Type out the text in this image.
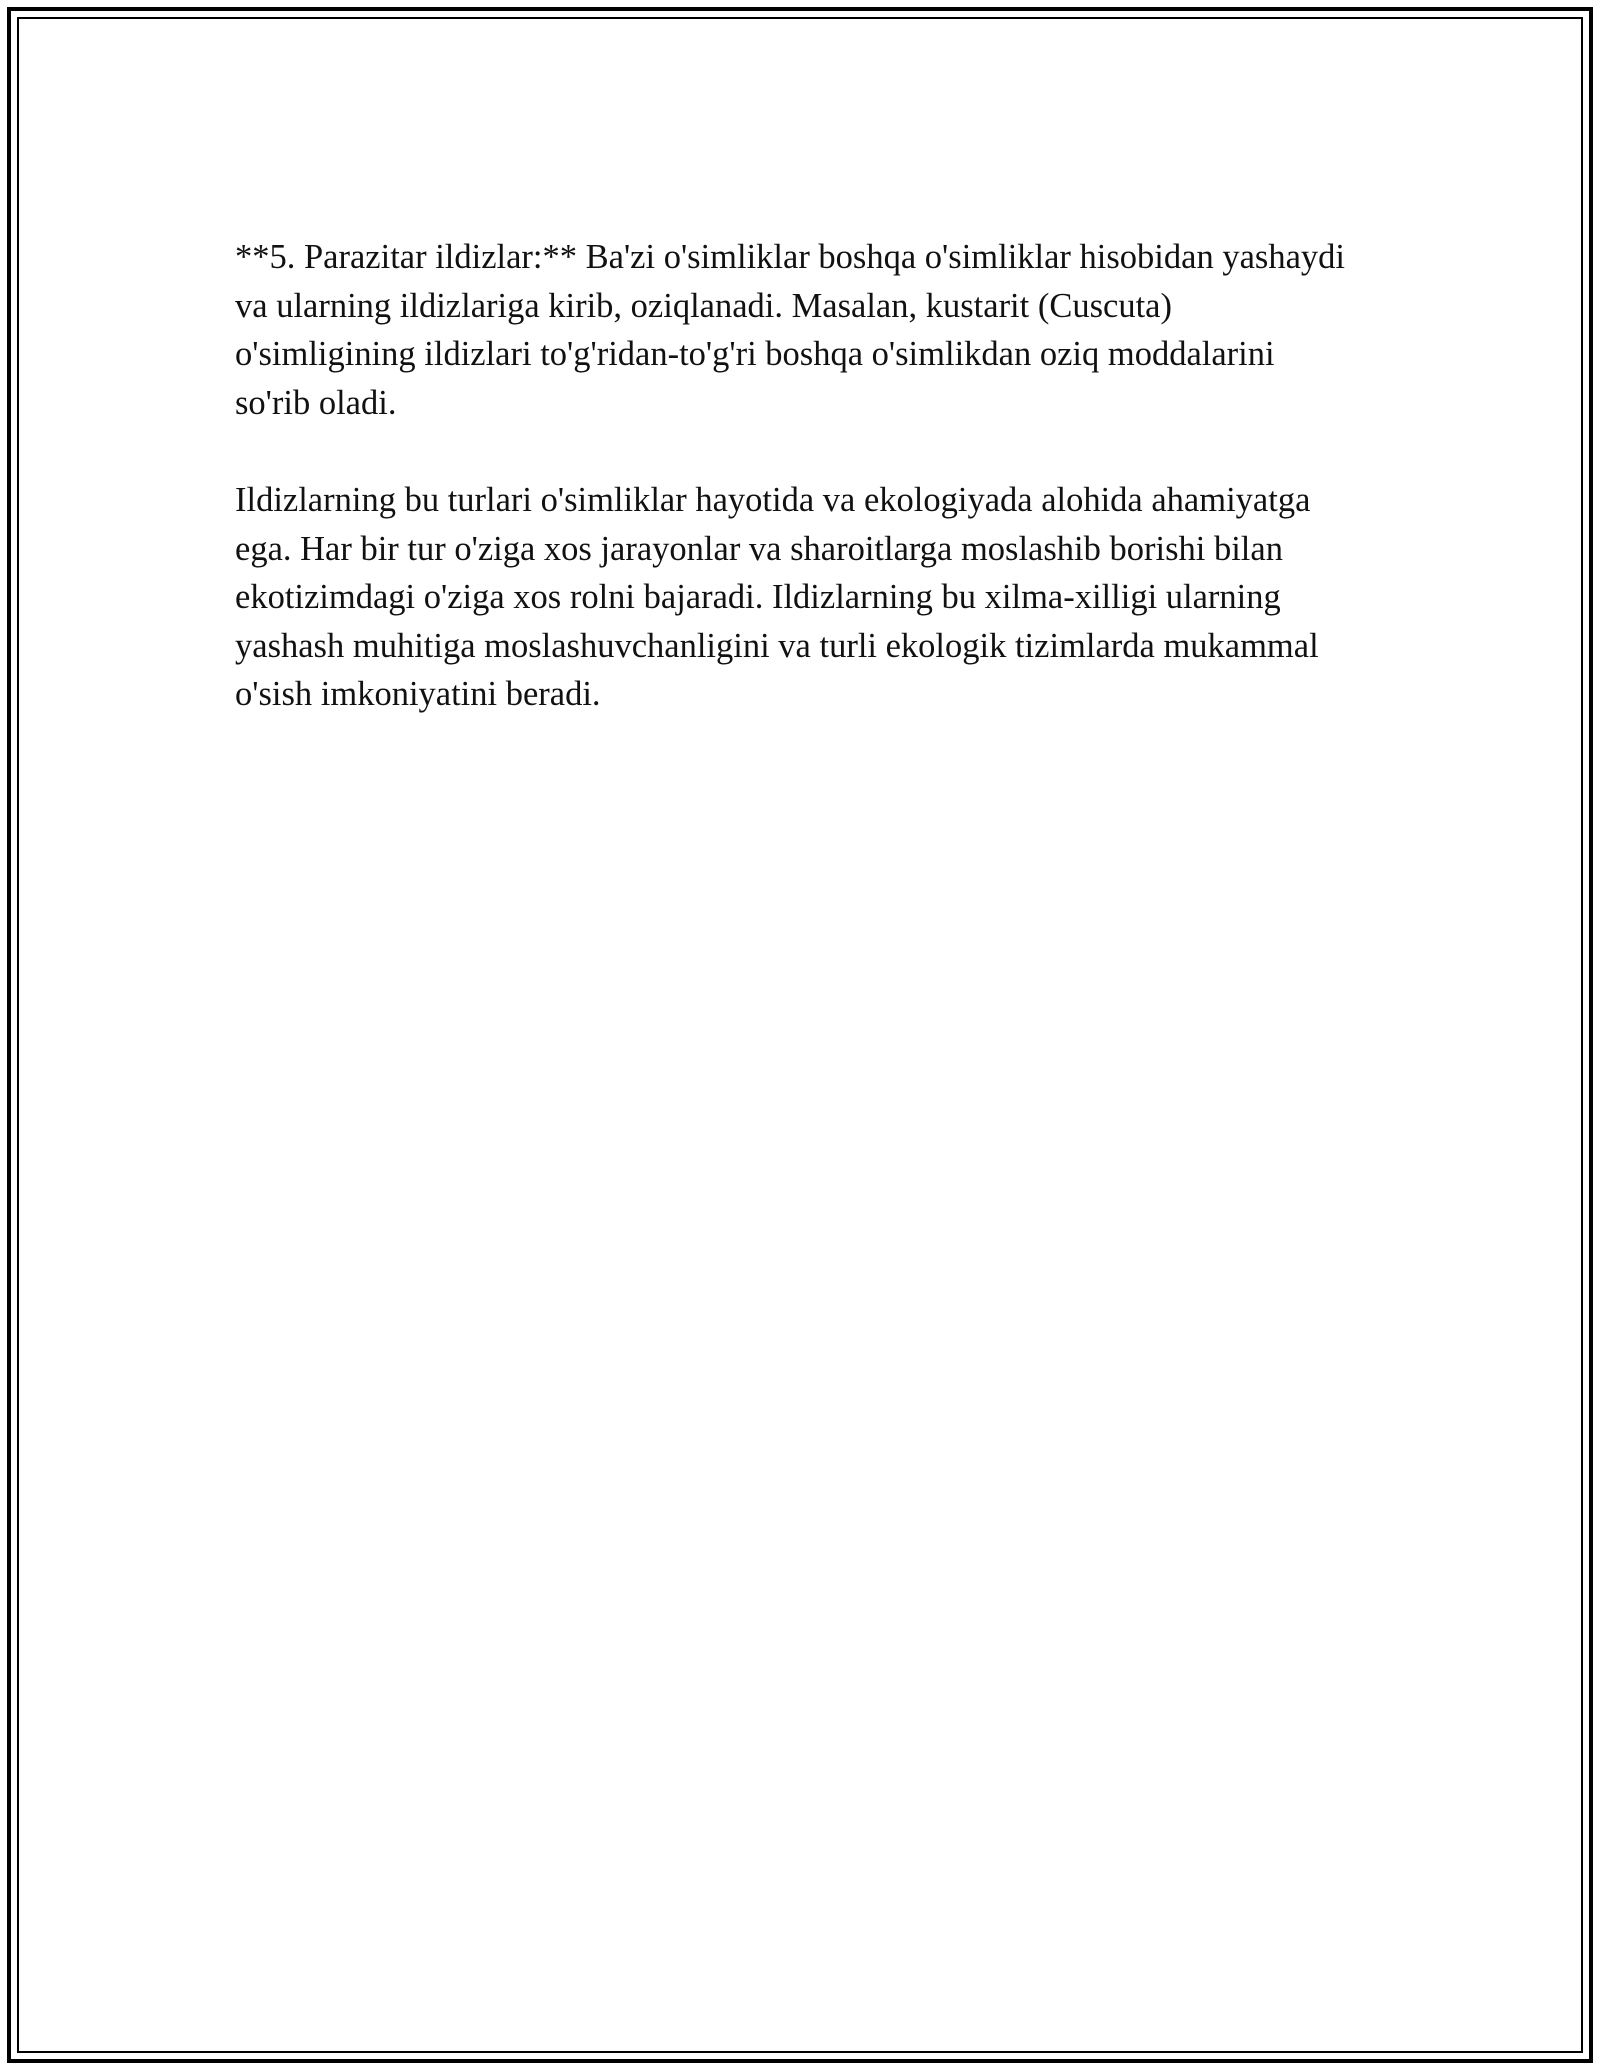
**5. Parazitar ildizlar:** Ba'zi o'simliklar boshqa o'simliklar hisobidan yashaydi va ularning ildizlariga kirib, oziqlanadi. Masalan, kustarit (Cuscuta) o'simligining ildizlari to'g'ridan-to'g'ri boshqa o'simlikdan oziq moddalarini so'rib oladi.

Ildizlarning bu turlari o'simliklar hayotida va ekologiyada alohida ahamiyatga ega. Har bir tur o'ziga xos jarayonlar va sharoitlarga moslashib borishi bilan ekotizimdagi o'ziga xos rolni bajaradi. Ildizlarning bu xilma-xilligi ularning yashash muhitiga moslashuvchanligini va turli ekologik tizimlarda mukammal o'sish imkoniyatini beradi.
